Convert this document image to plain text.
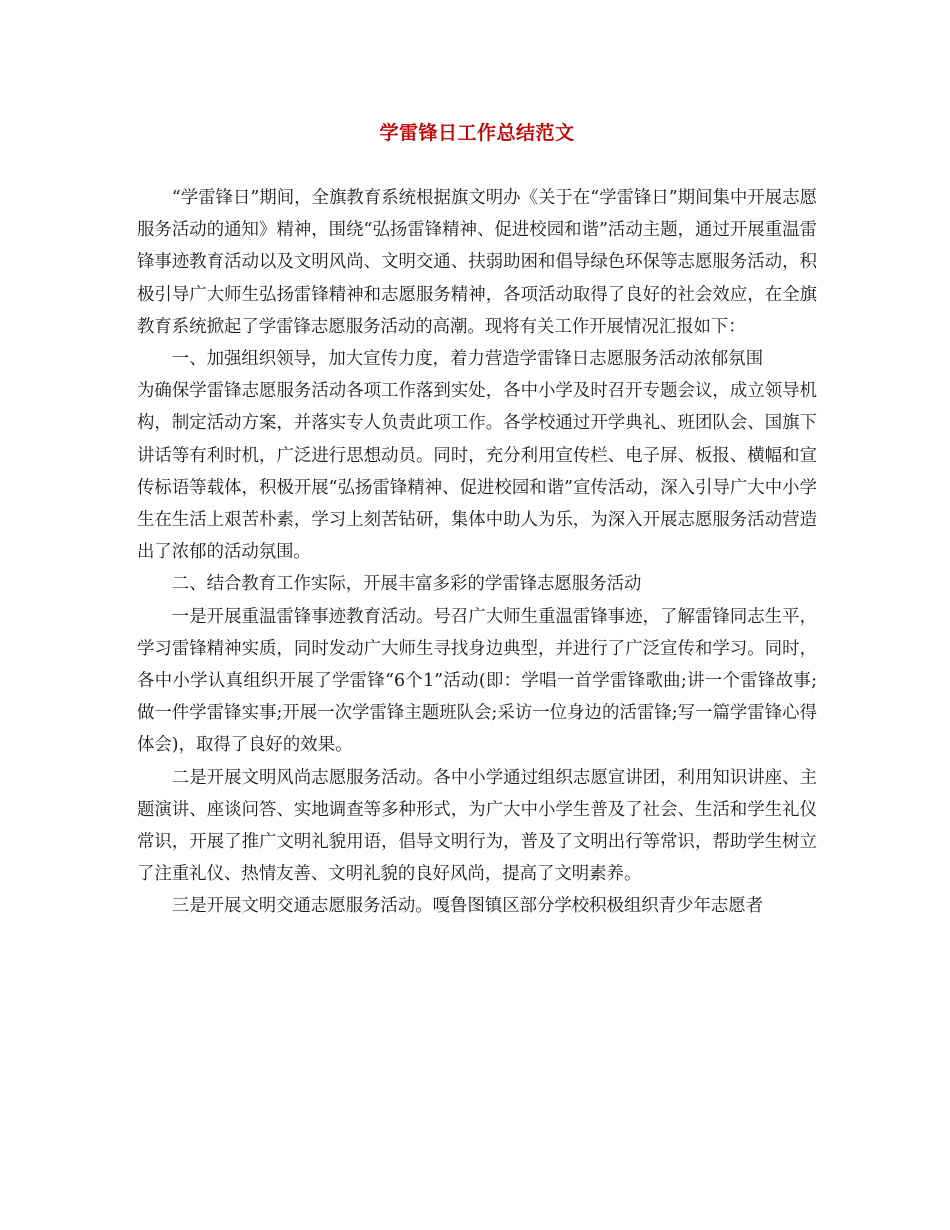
学雷锋日工作总结范文

“学雷锋日”期间，全旗教育系统根据旗文明办《关于在“学雷锋日”期间集中开展志愿服务活动的通知》精神，围绕“弘扬雷锋精神、促进校园和谐”活动主题，通过开展重温雷锋事迹教育活动以及文明风尚、文明交通、扶弱助困和倡导绿色环保等志愿服务活动，积极引导广大师生弘扬雷锋精神和志愿服务精神，各项活动取得了良好的社会效应，在全旗教育系统掀起了学雷锋志愿服务活动的高潮。现将有关工作开展情况汇报如下：

一、加强组织领导，加大宣传力度，着力营造学雷锋日志愿服务活动浓郁氛围

为确保学雷锋志愿服务活动各项工作落到实处，各中小学及时召开专题会议，成立领导机构，制定活动方案，并落实专人负责此项工作。各学校通过开学典礼、班团队会、国旗下讲话等有利时机，广泛进行思想动员。同时，充分利用宣传栏、电子屏、板报、横幅和宣传标语等载体，积极开展“弘扬雷锋精神、促进校园和谐”宣传活动，深入引导广大中小学生在生活上艰苦朴素，学习上刻苦钻研，集体中助人为乐，为深入开展志愿服务活动营造出了浓郁的活动氛围。

二、结合教育工作实际，开展丰富多彩的学雷锋志愿服务活动

一是开展重温雷锋事迹教育活动。号召广大师生重温雷锋事迹，了解雷锋同志生平，学习雷锋精神实质，同时发动广大师生寻找身边典型，并进行了广泛宣传和学习。同时，各中小学认真组织开展了学雷锋“6个1”活动(即：学唱一首学雷锋歌曲;讲一个雷锋故事;做一件学雷锋实事;开展一次学雷锋主题班队会;采访一位身边的活雷锋;写一篇学雷锋心得体会)，取得了良好的效果。

二是开展文明风尚志愿服务活动。各中小学通过组织志愿宣讲团，利用知识讲座、主题演讲、座谈问答、实地调查等多种形式，为广大中小学生普及了社会、生活和学生礼仪常识，开展了推广文明礼貌用语，倡导文明行为，普及了文明出行等常识，帮助学生树立了注重礼仪、热情友善、文明礼貌的良好风尚，提高了文明素养。

三是开展文明交通志愿服务活动。嘎鲁图镇区部分学校积极组织青少年志愿者
